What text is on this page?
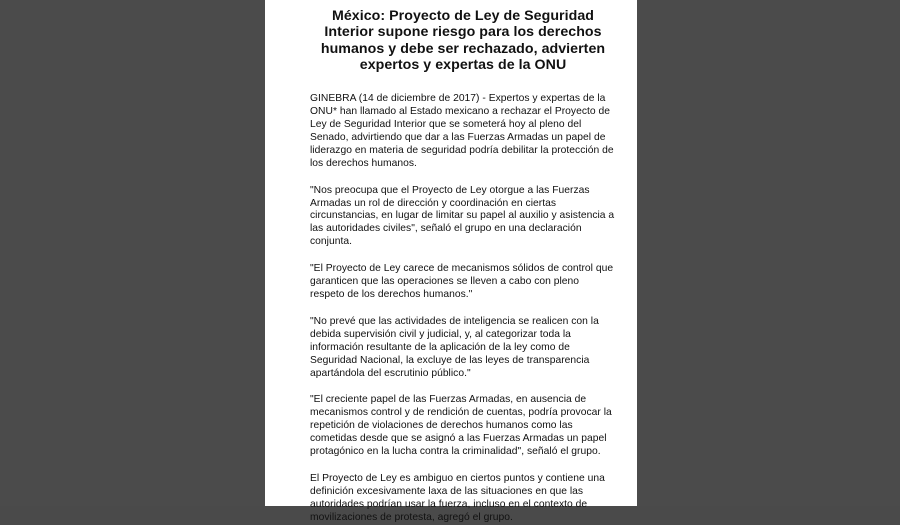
México: Proyecto de Ley de Seguridad Interior supone riesgo para los derechos humanos y debe ser rechazado, advierten expertos y expertas de la ONU

GINEBRA (14 de diciembre de 2017) - Expertos y expertas de la ONU* han llamado al Estado mexicano a rechazar el Proyecto de Ley de Seguridad Interior que se someterá hoy al pleno del Senado, advirtiendo que dar a las Fuerzas Armadas un papel de liderazgo en materia de seguridad podría debilitar la protección de los derechos humanos.

"Nos preocupa que el Proyecto de Ley otorgue a las Fuerzas Armadas un rol de dirección y coordinación en ciertas circunstancias, en lugar de limitar su papel al auxilio y asistencia a las autoridades civiles", señaló el grupo en una declaración conjunta.

"El Proyecto de Ley carece de mecanismos sólidos de control que garanticen que las operaciones se lleven a cabo con pleno respeto de los derechos humanos."

"No prevé que las actividades de inteligencia se realicen con la debida supervisión civil y judicial, y, al categorizar toda la información resultante de la aplicación de la ley como de Seguridad Nacional, la excluye de las leyes de transparencia apartándola del escrutinio público."

"El creciente papel de las Fuerzas Armadas, en ausencia de mecanismos control y de rendición de cuentas, podría provocar la repetición de violaciones de derechos humanos como las cometidas desde que se asignó a las Fuerzas Armadas un papel protagónico en la lucha contra la criminalidad", señaló el grupo.

El Proyecto de Ley es ambiguo en ciertos puntos y contiene una definición excesivamente laxa de las situaciones en que las autoridades podrían usar la fuerza, incluso en el contexto de movilizaciones de protesta, agregó el grupo.
